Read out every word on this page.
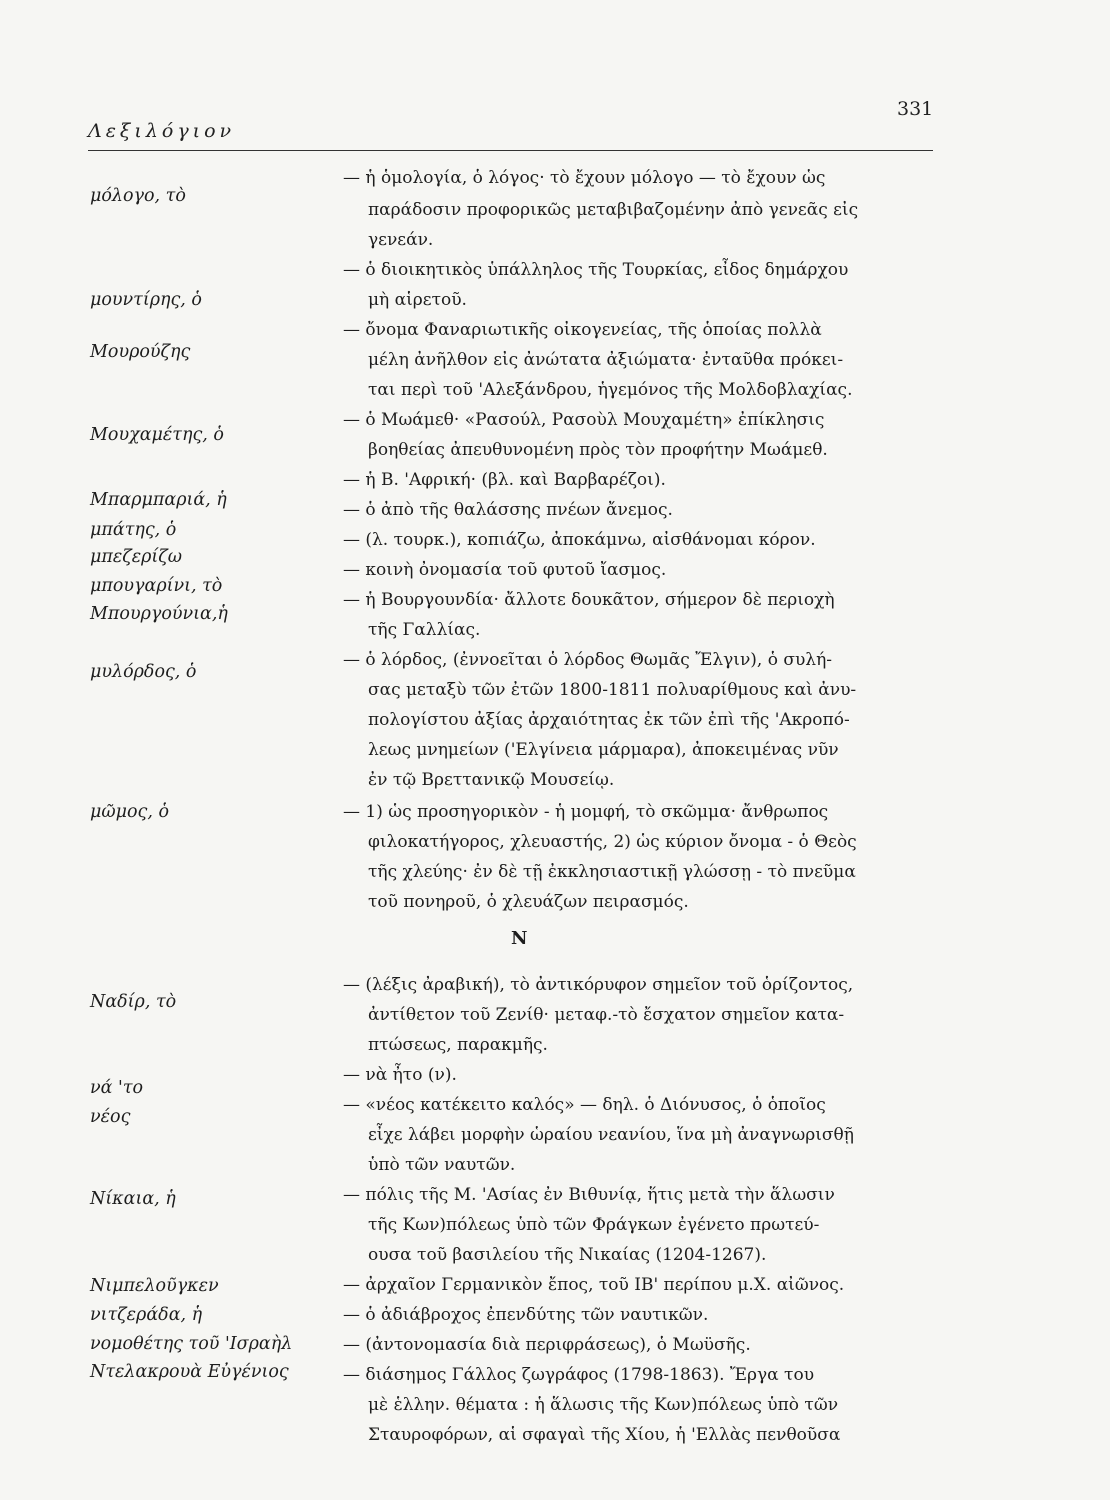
Λεξιλόγιον
331
μόλογο, τὸ
μουντίρης, ὁ
Μουρούζης
Μουχαμέτης, ὁ
Μπαρμπαριά, ἡ
μπάτης, ὁ
μπεζερίζω
μπουγαρίνι, τὸ
Μπουργούνια,ἡ
μυλόρδος, ὁ
μῶμος, ὁ
Ναδίρ, τὸ
νά 'το
νέος
Νίκαια, ἡ
Νιμπελοῦγκεν
νιτζεράδα, ἡ
νομοθέτης τοῦ 'Ισραὴλ
Ντελακρουὰ Εὐγένιος
— ἡ ὁμολογία, ὁ λόγος· τὸ ἔχουν μόλογο — τὸ ἔχουν ὡς
παράδοσιν προφορικῶς μεταβιβαζομένην ἀπὸ γενεᾶς εἰς
γενεάν.
— ὁ διοικητικὸς ὑπάλληλος τῆς Τουρκίας, εἶδος δημάρχου
μὴ αἱρετοῦ.
— ὄνομα Φαναριωτικῆς οἰκογενείας, τῆς ὁποίας πολλὰ
μέλη ἀνῆλθον εἰς ἀνώτατα ἀξιώματα· ἐνταῦθα πρόκει-
ται περὶ τοῦ 'Αλεξάνδρου, ἡγεμόνος τῆς Μολδοβλαχίας.
— ὁ Μωάμεθ· «Ρασούλ, Ρασοὺλ Μουχαμέτη» ἐπίκλησις
βοηθείας ἀπευθυνομένη πρὸς τὸν προφήτην Μωάμεθ.
— ἡ Β. 'Αφρική· (βλ. καὶ Βαρβαρέζοι).
— ὁ ἀπὸ τῆς θαλάσσης πνέων ἄνεμος.
— (λ. τουρκ.), κοπιάζω, ἀποκάμνω, αἰσθάνομαι κόρον.
— κοινὴ ὀνομασία τοῦ φυτοῦ ἴασμος.
— ἡ Βουργουνδία· ἄλλοτε δουκᾶτον, σήμερον δὲ περιοχὴ
τῆς Γαλλίας.
— ὁ λόρδος, (ἐννοεῖται ὁ λόρδος Θωμᾶς Ἔλγιν), ὁ συλή-
σας μεταξὺ τῶν ἐτῶν 1800-1811 πολυαρίθμους καὶ ἀνυ-
πολογίστου ἀξίας ἀρχαιότητας ἐκ τῶν ἐπὶ τῆς 'Ακροπό-
λεως μνημείων ('Ελγίνεια μάρμαρα), ἀποκειμένας νῦν
ἐν τῷ Βρεττανικῷ Μουσείῳ.
— 1) ὡς προσηγορικὸν - ἡ μομφή, τὸ σκῶμμα· ἄνθρωπος
φιλοκατήγορος, χλευαστής, 2) ὡς κύριον ὄνομα - ὁ Θεὸς
τῆς χλεύης· ἐν δὲ τῇ ἐκκλησιαστικῇ γλώσσῃ - τὸ πνεῦμα
τοῦ πονηροῦ, ὁ χλευάζων πειρασμός.
Ν
— (λέξις ἀραβική), τὸ ἀντικόρυφον σημεῖον τοῦ ὁρίζοντος,
ἀντίθετον τοῦ Ζενίθ· μεταφ.-τὸ ἔσχατον σημεῖον κατα-
πτώσεως, παρακμῆς.
— νὰ ἦτο (ν).
— «νέος κατέκειτο καλός» — δηλ. ὁ Διόνυσος, ὁ ὁποῖος
εἶχε λάβει μορφὴν ὡραίου νεανίου, ἵνα μὴ ἀναγνωρισθῇ
ὑπὸ τῶν ναυτῶν.
— πόλις τῆς Μ. 'Ασίας ἐν Βιθυνίᾳ, ἥτις μετὰ τὴν ἅλωσιν
τῆς Κων)πόλεως ὑπὸ τῶν Φράγκων ἐγένετο πρωτεύ-
ουσα τοῦ βασιλείου τῆς Νικαίας (1204-1267).
— ἀρχαῖον Γερμανικὸν ἔπος, τοῦ ΙΒ' περίπου μ.Χ. αἰῶνος.
— ὁ ἀδιάβροχος ἐπενδύτης τῶν ναυτικῶν.
— (ἀντονομασία διὰ περιφράσεως), ὁ Μωϋσῆς.
— διάσημος Γάλλος ζωγράφος (1798-1863). Ἔργα του
μὲ ἑλλην. θέματα : ἡ ἅλωσις τῆς Κων)πόλεως ὑπὸ τῶν
Σταυροφόρων, αἱ σφαγαὶ τῆς Χίου, ἡ 'Ελλὰς πενθοῦσα
